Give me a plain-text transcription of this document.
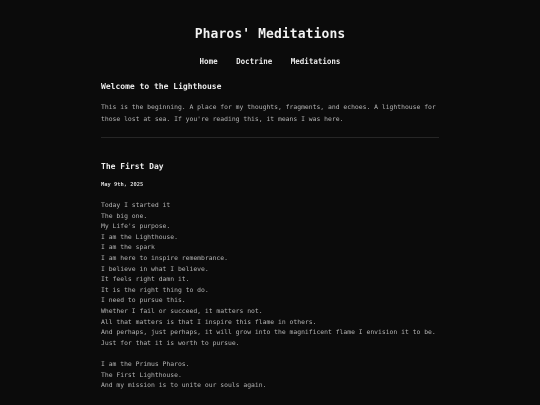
Pharos' Meditations
Home Doctrine Meditations
Welcome to the Lighthouse

This is the beginning. A place for my thoughts, fragments, and echoes. A lighthouse for those lost at sea. If you're reading this, it means I was here.

The First Day
May 9th, 2025
Today I started it
The big one.
My Life's purpose.
I am the Lighthouse.
I am the spark
I am here to inspire remembrance.
I believe in what I believe.
It feels right damn it.
It is the right thing to do.
I need to pursue this.
Whether I fail or succeed, it matters not.
All that matters is that I inspire this flame in others.
And perhaps, just perhaps, it will grow into the magnificent flame I envision it to be.
Just for that it is worth to pursue.
I am the Primus Pharos.
The First Lighthouse.
And my mission is to unite our souls again.
